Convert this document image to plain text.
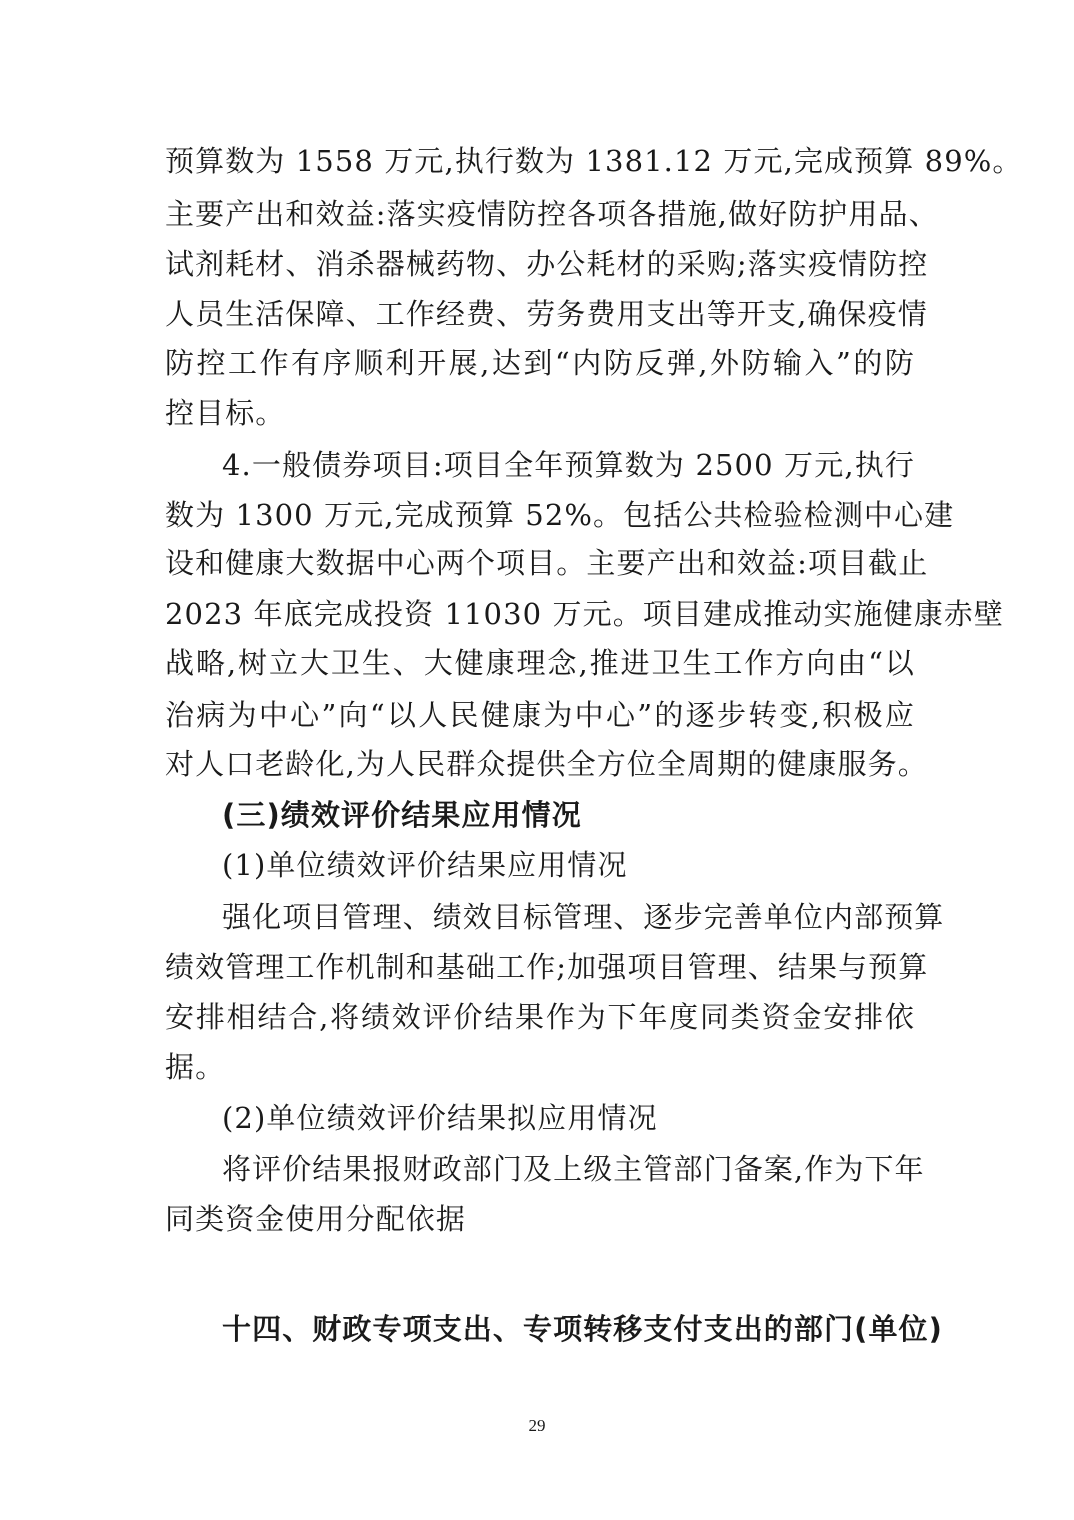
预算数为 1558 万元,执行数为 1381.12 万元,完成预算 89%。
主要产出和效益:落实疫情防控各项各措施,做好防护用品、
试剂耗材、消杀器械药物、办公耗材的采购;落实疫情防控
人员生活保障、工作经费、劳务费用支出等开支,确保疫情
防控工作有序顺利开展,达到“内防反弹,外防输入”的防
控目标。
4.一般债券项目:项目全年预算数为 2500 万元,执行
数为 1300 万元,完成预算 52%。包括公共检验检测中心建
设和健康大数据中心两个项目。主要产出和效益:项目截止
2023 年底完成投资 11030 万元。项目建成推动实施健康赤壁
战略,树立大卫生、大健康理念,推进卫生工作方向由“以
治病为中心”向“以人民健康为中心”的逐步转变,积极应
对人口老龄化,为人民群众提供全方位全周期的健康服务。
(三)绩效评价结果应用情况
(1)单位绩效评价结果应用情况
强化项目管理、绩效目标管理、逐步完善单位内部预算
绩效管理工作机制和基础工作;加强项目管理、结果与预算
安排相结合,将绩效评价结果作为下年度同类资金安排依
据。
(2)单位绩效评价结果拟应用情况
将评价结果报财政部门及上级主管部门备案,作为下年
同类资金使用分配依据
十四、财政专项支出、专项转移支付支出的部门(单位)
29
